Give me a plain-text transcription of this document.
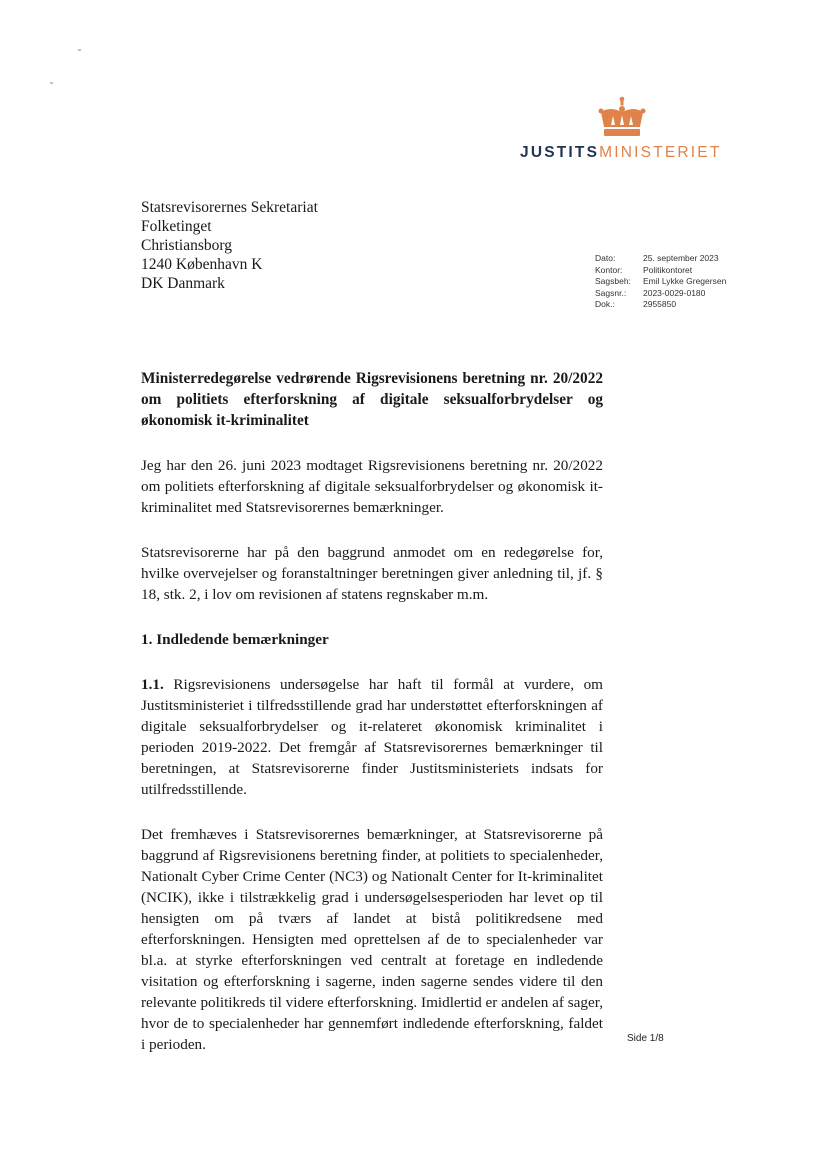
JUSTITSMINISTERIET
Statsrevisorernes Sekretariat
Folketinget
Christiansborg
1240 København K
DK Danmark
Dato:	25. september 2023
Kontor:	Politikontoret
Sagsbeh:	Emil Lykke Gregersen
Sagsnr.:	2023-0029-0180
Dok.:	2955850

Ministerredegørelse vedrørende Rigsrevisionens beretning nr. 20/2022 om politiets efterforskning af digitale seksualforbrydelser og økonomisk it-kriminalitet

Jeg har den 26. juni 2023 modtaget Rigsrevisionens beretning nr. 20/2022 om politiets efterforskning af digitale seksualforbrydelser og økonomisk it-kriminalitet med Statsrevisorernes bemærkninger.

Statsrevisorerne har på den baggrund anmodet om en redegørelse for, hvilke overvejelser og foranstaltninger beretningen giver anledning til, jf. § 18, stk. 2, i lov om revisionen af statens regnskaber m.m.

1. Indledende bemærkninger

1.1. Rigsrevisionens undersøgelse har haft til formål at vurdere, om Justitsministeriet i tilfredsstillende grad har understøttet efterforskningen af digitale seksualforbrydelser og it-relateret økonomisk kriminalitet i perioden 2019-2022. Det fremgår af Statsrevisorernes bemærkninger til beretningen, at Statsrevisorerne finder Justitsministeriets indsats for utilfredsstillende.

Det fremhæves i Statsrevisorernes bemærkninger, at Statsrevisorerne på baggrund af Rigsrevisionens beretning finder, at politiets to specialenheder, Nationalt Cyber Crime Center (NC3) og Nationalt Center for It-kriminalitet (NCIK), ikke i tilstrækkelig grad i undersøgelsesperioden har levet op til hensigten om på tværs af landet at bistå politikredsene med efterforskningen. Hensigten med oprettelsen af de to specialenheder var bl.a. at styrke efterforskningen ved centralt at foretage en indledende visitation og efterforskning i sagerne, inden sagerne sendes videre til den relevante politikreds til videre efterforskning. Imidlertid er andelen af sager, hvor de to specialenheder har gennemført indledende efterforskning, faldet i perioden.	Side 1/8
